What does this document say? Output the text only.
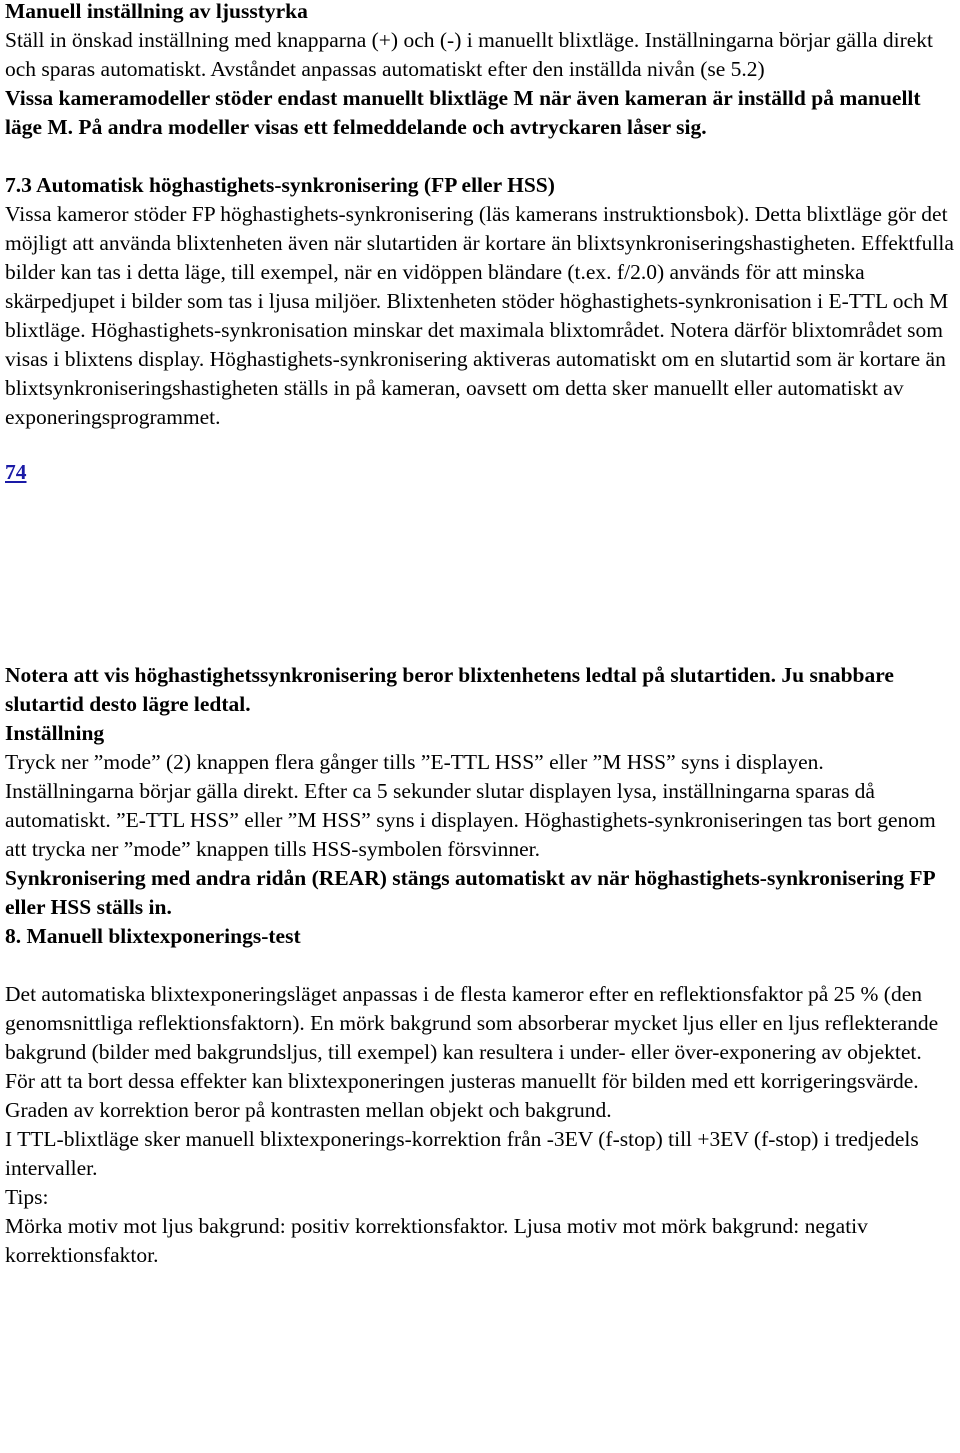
Manuell inställning av ljusstyrka

Ställ in önskad inställning med knapparna (+) och (-) i manuellt blixtläge. Inställningarna börjar gälla direkt och sparas automatiskt. Avståndet anpassas automatiskt efter den inställda nivån (se 5.2)

Vissa kameramodeller stöder endast manuellt blixtläge M när även kameran är inställd på manuellt läge M. På andra modeller visas ett felmeddelande och avtryckaren låser sig.

7.3 Automatisk höghastighets-synkronisering (FP eller HSS)

Vissa kameror stöder FP höghastighets-synkronisering (läs kamerans instruktionsbok). Detta blixtläge gör det möjligt att använda blixtenheten även när slutartiden är kortare än blixtsynkroniseringshastigheten. Effektfulla bilder kan tas i detta läge, till exempel, när en vidöppen bländare (t.ex. f/2.0) används för att minska skärpedjupet i bilder som tas i ljusa miljöer. Blixtenheten stöder höghastighets-synkronisation i E-TTL och M blixtläge. Höghastighets-synkronisation minskar det maximala blixtområdet. Notera därför blixtområdet som visas i blixtens display. Höghastighets-synkronisering aktiveras automatiskt om en slutartid som är kortare än blixtsynkroniseringshastigheten ställs in på kameran, oavsett om detta sker manuellt eller automatiskt av exponeringsprogrammet.

74

Notera att vis höghastighetssynkronisering beror blixtenhetens ledtal på slutartiden. Ju snabbare slutartid desto lägre ledtal.

Inställning

Tryck ner ”mode” (2) knappen flera gånger tills ”E-TTL HSS” eller ”M HSS” syns i displayen.

Inställningarna börjar gälla direkt. Efter ca 5 sekunder slutar displayen lysa, inställningarna sparas då automatiskt. ”E-TTL HSS” eller ”M HSS” syns i displayen. Höghastighets-synkroniseringen tas bort genom att trycka ner ”mode” knappen tills HSS-symbolen försvinner.

Synkronisering med andra ridån (REAR) stängs automatiskt av när höghastighets-synkronisering FP eller HSS ställs in.

8. Manuell blixtexponerings-test

Det automatiska blixtexponeringsläget anpassas i de flesta kameror efter en reflektionsfaktor på 25 % (den genomsnittliga reflektionsfaktorn). En mörk bakgrund som absorberar mycket ljus eller en ljus reflekterande bakgrund (bilder med bakgrundsljus, till exempel) kan resultera i under- eller över-exponering av objektet.

För att ta bort dessa effekter kan blixtexponeringen justeras manuellt för bilden med ett korrigeringsvärde. Graden av korrektion beror på kontrasten mellan objekt och bakgrund.

I TTL-blixtläge sker manuell blixtexponerings-korrektion från -3EV (f-stop) till +3EV (f-stop) i tredjedels intervaller.

Tips:

Mörka motiv mot ljus bakgrund: positiv korrektionsfaktor. Ljusa motiv mot mörk bakgrund: negativ korrektionsfaktor.
